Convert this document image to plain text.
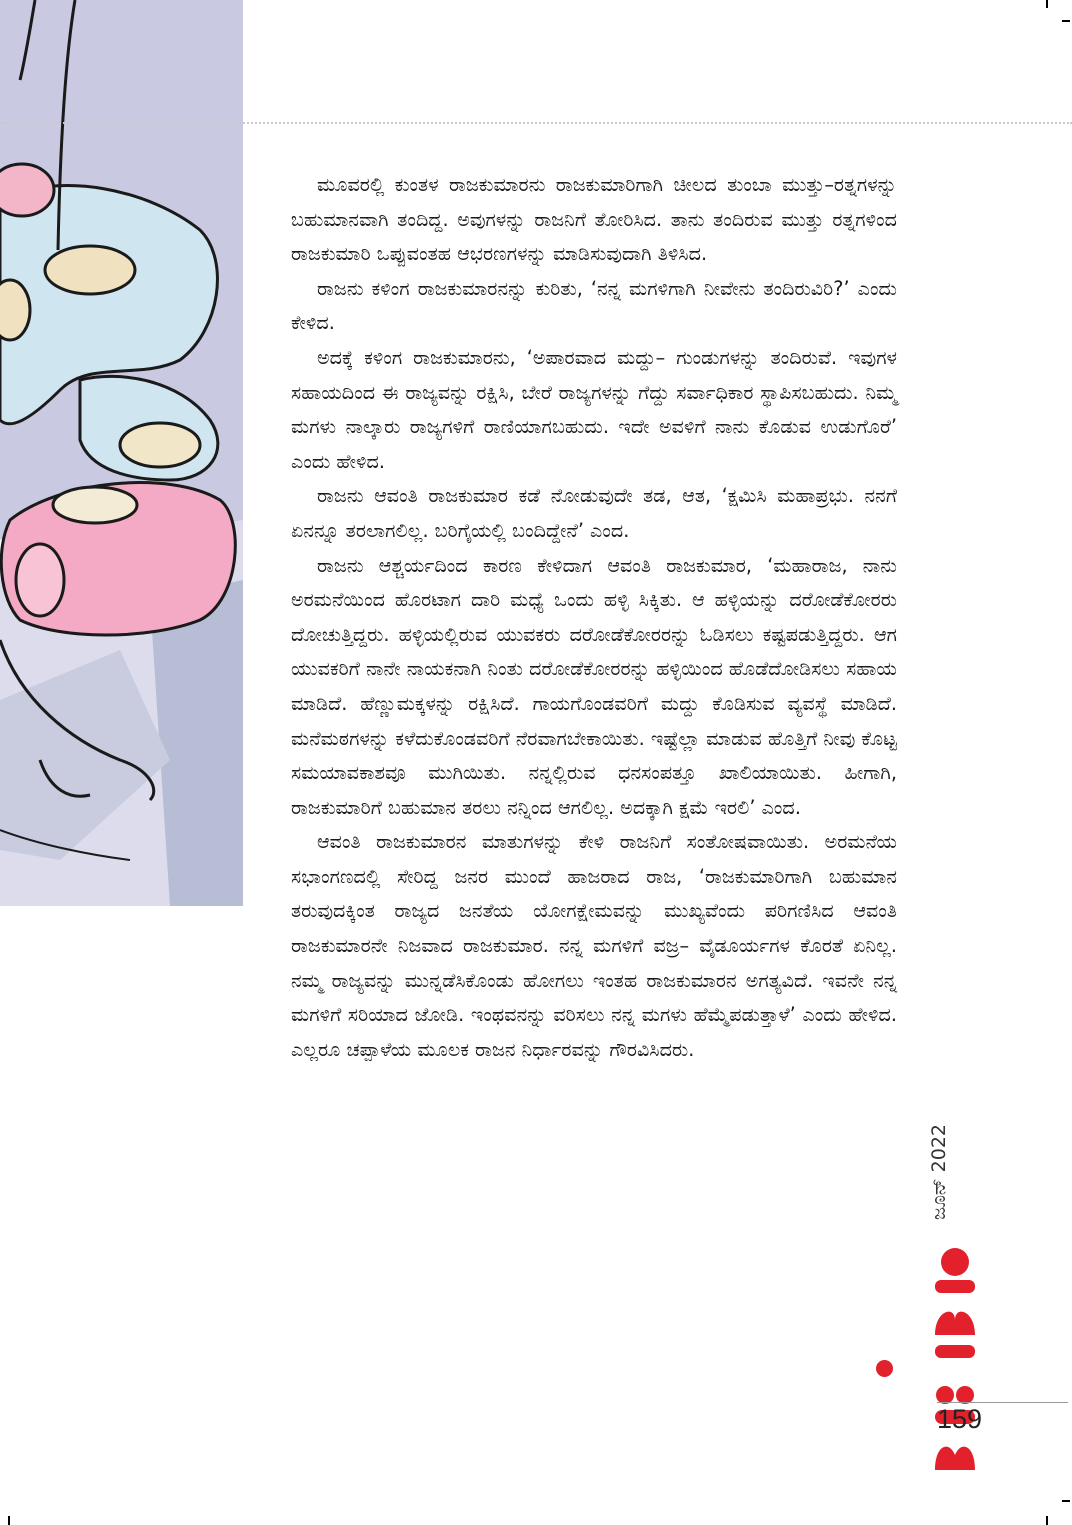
ಮೂವರಲ್ಲಿ ಕುಂತಳ ರಾಜಕುಮಾರನು ರಾಜಕುಮಾರಿಗಾಗಿ ಚೀಲದ ತುಂಬಾ ಮುತ್ತು–ರತ್ನಗಳನ್ನು ಬಹುಮಾನವಾಗಿ ತಂದಿದ್ದ. ಅವುಗಳನ್ನು ರಾಜನಿಗೆ ತೋರಿಸಿದ. ತಾನು ತಂದಿರುವ ಮುತ್ತು ರತ್ನಗಳಿಂದ ರಾಜಕುಮಾರಿ ಒಪ್ಪುವಂತಹ ಆಭರಣಗಳನ್ನು ಮಾಡಿಸುವುದಾಗಿ ತಿಳಿಸಿದ.

ರಾಜನು ಕಳಿಂಗ ರಾಜಕುಮಾರನನ್ನು ಕುರಿತು, ‘ನನ್ನ ಮಗಳಿಗಾಗಿ ನೀವೇನು ತಂದಿರುವಿರಿ?’ ಎಂದು ಕೇಳಿದ.

ಅದಕ್ಕೆ ಕಳಿಂಗ ರಾಜಕುಮಾರನು, ‘ಅಪಾರವಾದ ಮದ್ದು– ಗುಂಡುಗಳನ್ನು ತಂದಿರುವೆ. ಇವುಗಳ ಸಹಾಯದಿಂದ ಈ ರಾಜ್ಯವನ್ನು ರಕ್ಷಿಸಿ, ಬೇರೆ ರಾಜ್ಯಗಳನ್ನು ಗೆದ್ದು ಸರ್ವಾಧಿಕಾರ ಸ್ಥಾಪಿಸಬಹುದು. ನಿಮ್ಮ ಮಗಳು ನಾಲ್ಕಾರು ರಾಜ್ಯಗಳಿಗೆ ರಾಣಿಯಾಗಬಹುದು. ಇದೇ ಅವಳಿಗೆ ನಾನು ಕೊಡುವ ಉಡುಗೊರೆ’ ಎಂದು ಹೇಳಿದ.

ರಾಜನು ಆವಂತಿ ರಾಜಕುಮಾರ ಕಡೆ ನೋಡುವುದೇ ತಡ, ಆತ, ‘ಕ್ಷಮಿಸಿ ಮಹಾಪ್ರಭು. ನನಗೆ ಏನನ್ನೂ ತರಲಾಗಲಿಲ್ಲ. ಬರಿಗೈಯಲ್ಲಿ ಬಂದಿದ್ದೇನೆ’ ಎಂದ.

ರಾಜನು ಆಶ್ಚರ್ಯದಿಂದ ಕಾರಣ ಕೇಳಿದಾಗ ಆವಂತಿ ರಾಜಕುಮಾರ, ‘ಮಹಾರಾಜ, ನಾನು ಅರಮನೆಯಿಂದ ಹೊರಟಾಗ ದಾರಿ ಮಧ್ಯೆ ಒಂದು ಹಳ್ಳಿ ಸಿಕ್ಕಿತು. ಆ ಹಳ್ಳಿಯನ್ನು ದರೋಡೆಕೋರರು ದೋಚುತ್ತಿದ್ದರು. ಹಳ್ಳಿಯಲ್ಲಿರುವ ಯುವಕರು ದರೋಡೆಕೋರರನ್ನು ಓಡಿಸಲು ಕಷ್ಟಪಡುತ್ತಿದ್ದರು. ಆಗ ಯುವಕರಿಗೆ ನಾನೇ ನಾಯಕನಾಗಿ ನಿಂತು ದರೋಡೆಕೋರರನ್ನು ಹಳ್ಳಿಯಿಂದ ಹೊಡೆದೋಡಿಸಲು ಸಹಾಯ ಮಾಡಿದೆ. ಹೆಣ್ಣುಮಕ್ಕಳನ್ನು ರಕ್ಷಿಸಿದೆ. ಗಾಯಗೊಂಡವರಿಗೆ ಮದ್ದು ಕೊಡಿಸುವ ವ್ಯವಸ್ಥೆ ಮಾಡಿದೆ. ಮನೆಮಠಗಳನ್ನು ಕಳೆದುಕೊಂಡವರಿಗೆ ನೆರವಾಗಬೇಕಾಯಿತು. ಇಷ್ಟೆಲ್ಲಾ ಮಾಡುವ ಹೊತ್ತಿಗೆ ನೀವು ಕೊಟ್ಟ ಸಮಯಾವಕಾಶವೂ ಮುಗಿಯಿತು. ನನ್ನಲ್ಲಿರುವ ಧನಸಂಪತ್ತೂ ಖಾಲಿಯಾಯಿತು. ಹೀಗಾಗಿ, ರಾಜಕುಮಾರಿಗೆ ಬಹುಮಾನ ತರಲು ನನ್ನಿಂದ ಆಗಲಿಲ್ಲ. ಅದಕ್ಕಾಗಿ ಕ್ಷಮೆ ಇರಲಿ’ ಎಂದ.

ಆವಂತಿ ರಾಜಕುಮಾರನ ಮಾತುಗಳನ್ನು ಕೇಳಿ ರಾಜನಿಗೆ ಸಂತೋಷವಾಯಿತು. ಅರಮನೆಯ ಸಭಾಂಗಣದಲ್ಲಿ ಸೇರಿದ್ದ ಜನರ ಮುಂದೆ ಹಾಜರಾದ ರಾಜ, ‘ರಾಜಕುಮಾರಿಗಾಗಿ ಬಹುಮಾನ ತರುವುದಕ್ಕಿಂತ ರಾಜ್ಯದ ಜನತೆಯ ಯೋಗಕ್ಷೇಮವನ್ನು ಮುಖ್ಯವೆಂದು ಪರಿಗಣಿಸಿದ ಆವಂತಿ ರಾಜಕುಮಾರನೇ ನಿಜವಾದ ರಾಜಕುಮಾರ. ನನ್ನ ಮಗಳಿಗೆ ವಜ್ರ– ವೈಡೂರ್ಯಗಳ ಕೊರತೆ ಏನಿಲ್ಲ. ನಮ್ಮ ರಾಜ್ಯವನ್ನು ಮುನ್ನಡೆಸಿಕೊಂಡು ಹೋಗಲು ಇಂತಹ ರಾಜಕುಮಾರನ ಅಗತ್ಯವಿದೆ. ಇವನೇ ನನ್ನ ಮಗಳಿಗೆ ಸರಿಯಾದ ಜೋಡಿ. ಇಂಥವನನ್ನು ವರಿಸಲು ನನ್ನ ಮಗಳು ಹೆಮ್ಮೆಪಡುತ್ತಾಳೆ’ ಎಂದು ಹೇಳಿದ. ಎಲ್ಲರೂ ಚಪ್ಪಾಳೆಯ ಮೂಲಕ ರಾಜನ ನಿರ್ಧಾರವನ್ನು ಗೌರವಿಸಿದರು.

ಜೂನ್ 2022
159
